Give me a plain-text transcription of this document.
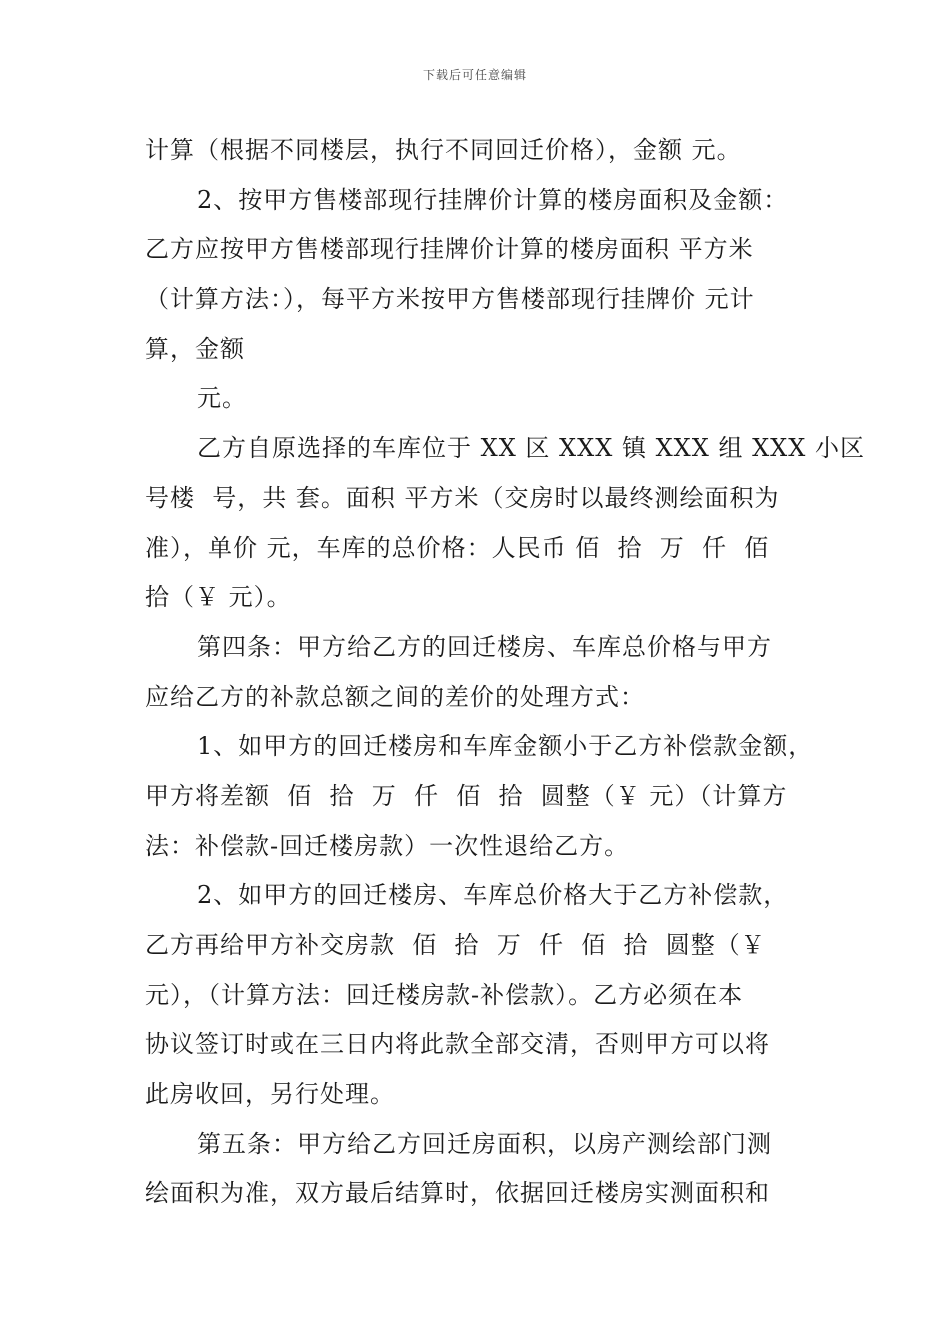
下载后可任意编辑
计算（根据不同楼层，执行不同回迁价格），金额 元。
2、按甲方售楼部现行挂牌价计算的楼房面积及金额：
乙方应按甲方售楼部现行挂牌价计算的楼房面积 平方米
（计算方法：），每平方米按甲方售楼部现行挂牌价 元计
算，金额
元。
乙方自原选择的车库位于 XX 区 XXX 镇 XXX 组 XXX 小区
号楼  号，共 套。面积 平方米（交房时以最终测绘面积为
准），单价 元，车库的总价格：人民币 佰  拾  万  仟  佰
拾（￥ 元）。
第四条：甲方给乙方的回迁楼房、车库总价格与甲方
应给乙方的补款总额之间的差价的处理方式：
1、如甲方的回迁楼房和车库金额小于乙方补偿款金额，
甲方将差额  佰  拾  万  仟  佰  拾  圆整（￥ 元）（计算方
法：补偿款-回迁楼房款）一次性退给乙方。
2、如甲方的回迁楼房、车库总价格大于乙方补偿款，
乙方再给甲方补交房款  佰  拾  万  仟  佰  拾  圆整（￥
元），（计算方法：回迁楼房款-补偿款）。乙方必须在本
协议签订时或在三日内将此款全部交清，否则甲方可以将
此房收回，另行处理。
第五条：甲方给乙方回迁房面积，以房产测绘部门测
绘面积为准，双方最后结算时，依据回迁楼房实测面积和
